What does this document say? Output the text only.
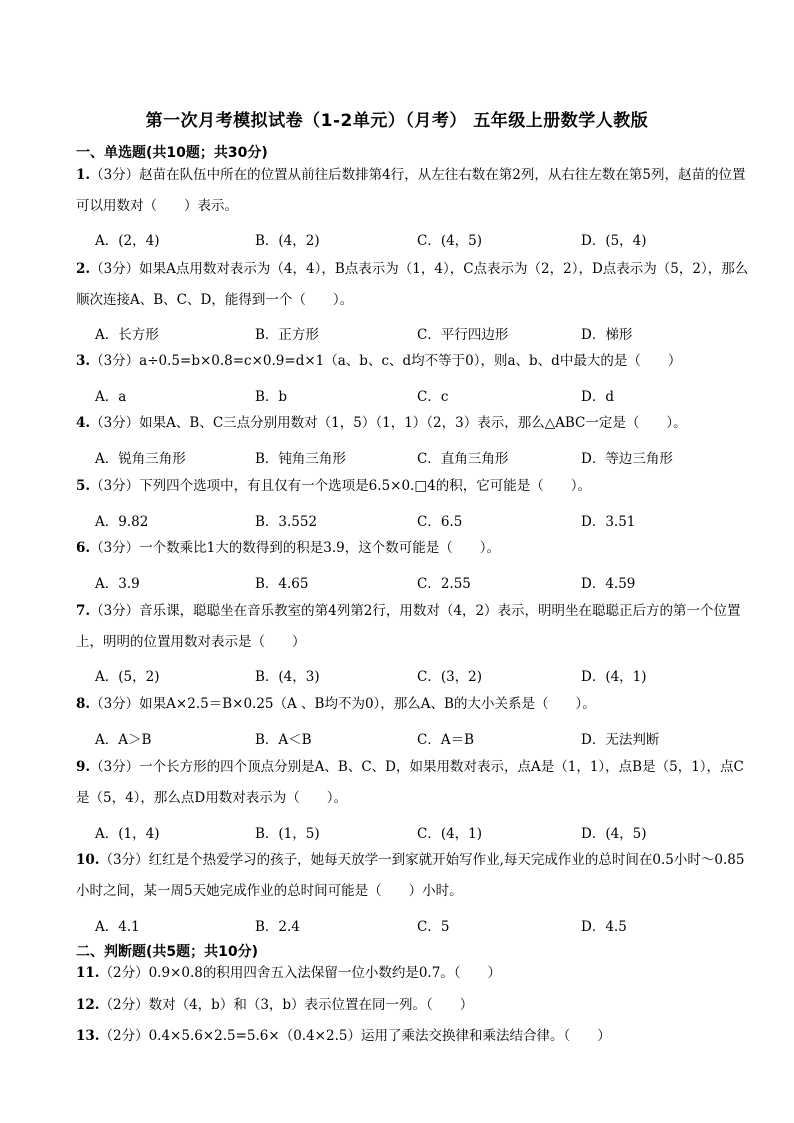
第一次月考模拟试卷（1-2单元）（月考） 五年级上册数学人教版
一、单选题(共10题；共30分)
1.（3分）赵苗在队伍中所在的位置从前往后数排第4行，从左往右数在第2列，从右往左数在第5列，赵苗的位置可以用数对（　　）表示。
A．(2，4)	B．(4，2)	C．(4，5)	D．(5，4)
2.（3分）如果A点用数对表示为（4，4），B点表示为（1，4），C点表示为（2，2），D点表示为（5，2），那么顺次连接A、B、C、D，能得到一个（　　）。
A．长方形	B．正方形	C．平行四边形	D．梯形
3.（3分）a÷0.5=b×0.8=c×0.9=d×1（a、b、c、d均不等于0），则a、b、d中最大的是（　　）
A．a	B．b	C．c	D．d
4.（3分）如果A、B、C三点分别用数对（1，5）（1，1）（2，3）表示，那么△ABC一定是（　　）。
A．锐角三角形	B．钝角三角形	C．直角三角形	D．等边三角形
5.（3分）下列四个选项中，有且仅有一个选项是6.5×0.□4的积，它可能是（　　）。
A．9.82	B．3.552	C．6.5	D．3.51
6.（3分）一个数乘比1大的数得到的积是3.9，这个数可能是（　　）。
A．3.9	B．4.65	C．2.55	D．4.59
7.（3分）音乐课，聪聪坐在音乐教室的第4列第2行，用数对（4，2）表示，明明坐在聪聪正后方的第一个位置上，明明的位置用数对表示是（　　）
A．(5，2)	B．(4，3)	C．(3，2)	D．(4，1)
8.（3分）如果A×2.5＝B×0.25（A 、B均不为0），那么A、B的大小关系是（　　）。
A．A＞B	B．A＜B	C．A＝B	D．无法判断
9.（3分）一个长方形的四个顶点分别是A、B、C、D，如果用数对表示，点A是（1，1），点B是（5，1），点C是（5，4），那么点D用数对表示为（　　）。
A．(1，4)	B．(1，5)	C．(4，1)	D．(4，5)
10.（3分）红红是个热爱学习的孩子，她每天放学一到家就开始写作业,每天完成作业的总时间在0.5小时～0.85小时之间，某一周5天她完成作业的总时间可能是（　　）小时。
A．4.1	B．2.4	C．5	D．4.5
二、判断题(共5题；共10分)
11.（2分）0.9×0.8的积用四舍五入法保留一位小数约是0.7。（　　）
12.（2分）数对（4，b）和（3，b）表示位置在同一列。（　　）
13.（2分）0.4×5.6×2.5=5.6×（0.4×2.5）运用了乘法交换律和乘法结合律。（　　）
